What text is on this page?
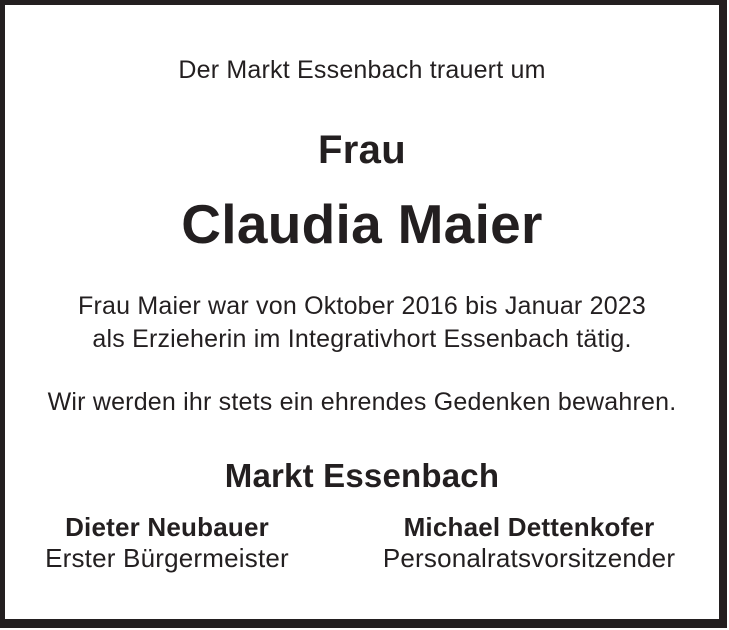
Der Markt Essenbach trauert um

Frau

Claudia Maier

Frau Maier war von Oktober 2016 bis Januar 2023
als Erzieherin im Integrativhort Essenbach tätig.

Wir werden ihr stets ein ehrendes Gedenken bewahren.

Markt Essenbach

Dieter Neubauer
Erster Bürgermeister
Michael Dettenkofer
Personalratsvorsitzender
